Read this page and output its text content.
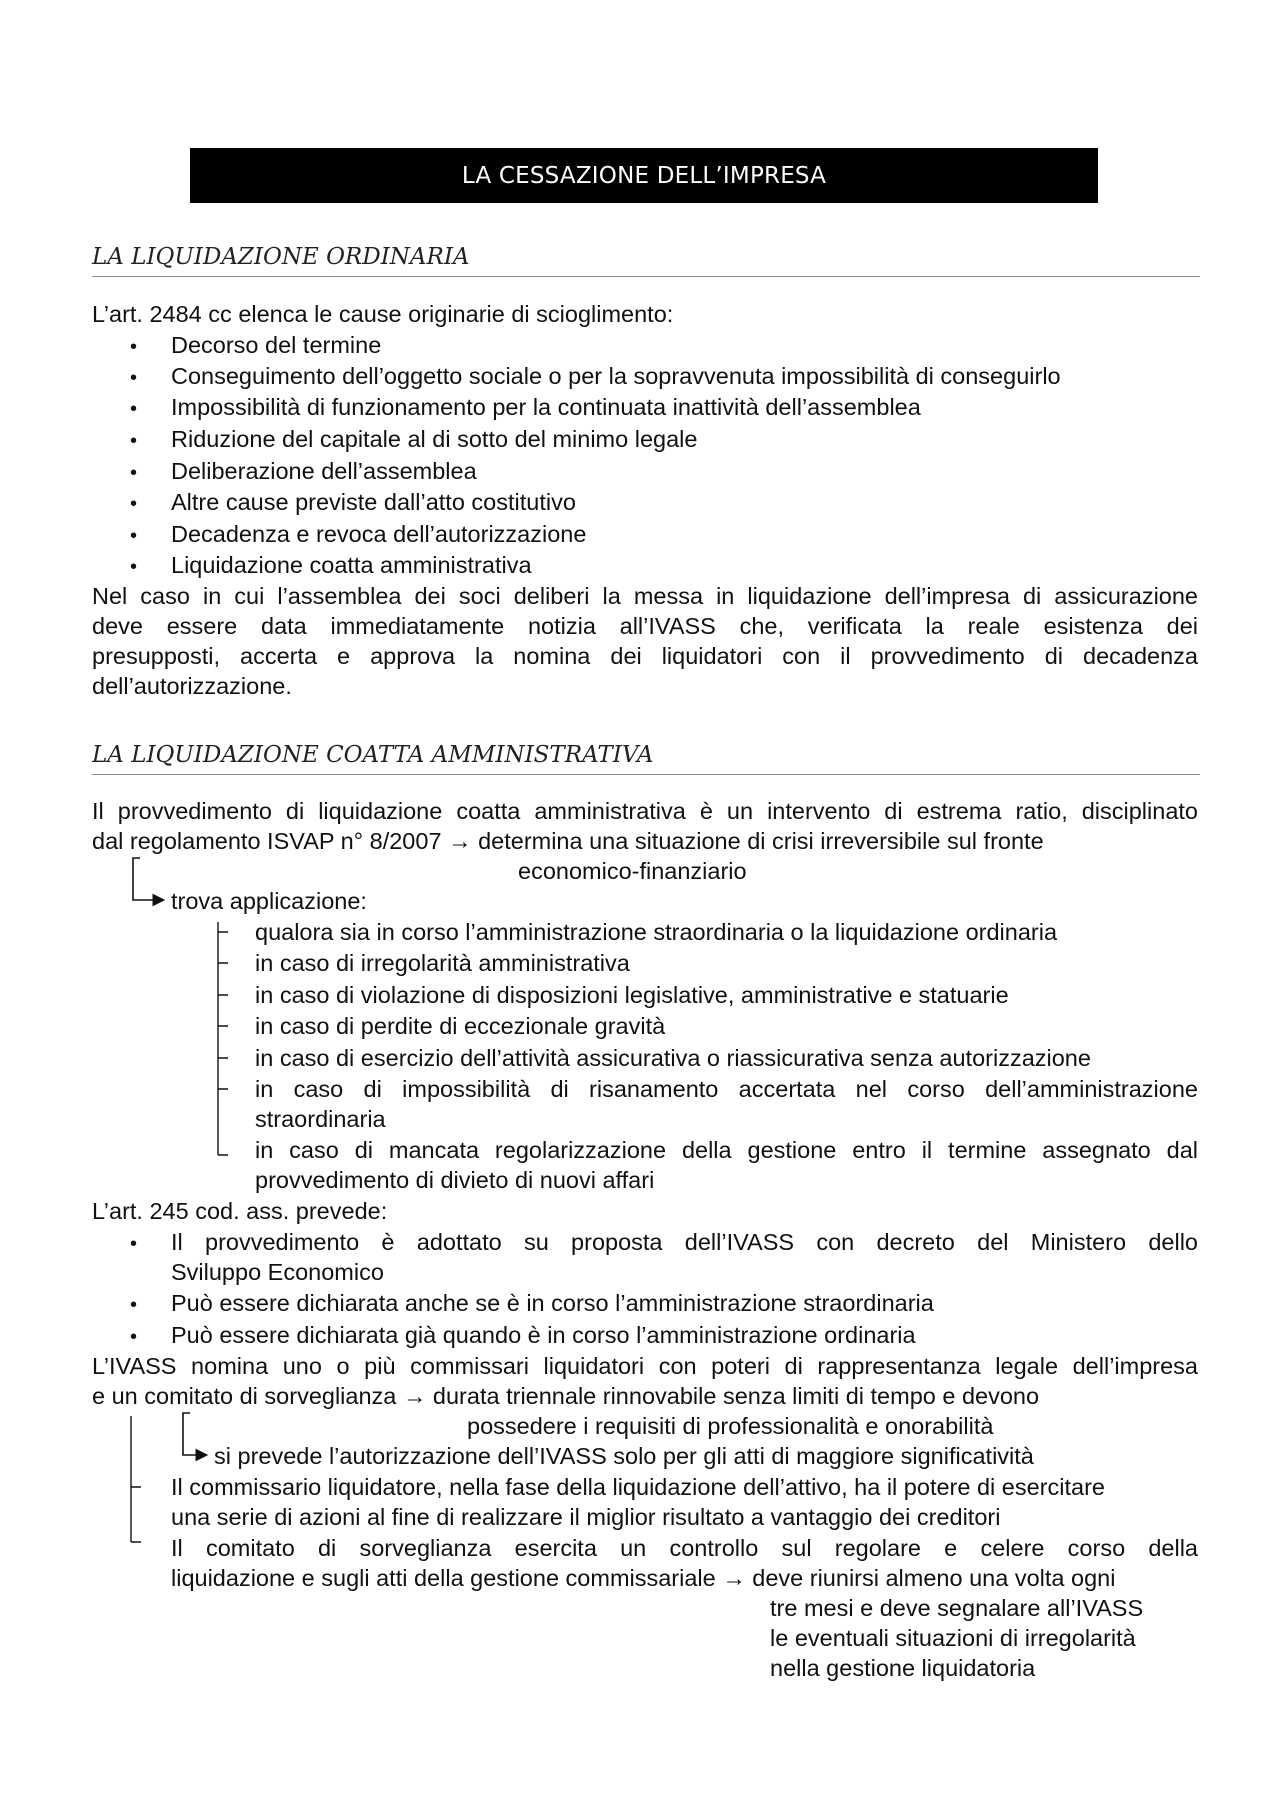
LA CESSAZIONE DELL’IMPRESA
LA LIQUIDAZIONE ORDINARIA
L’art. 2484 cc elenca le cause originarie di scioglimento:
• Decorso del termine
• Conseguimento dell’oggetto sociale o per la sopravvenuta impossibilità di conseguirlo
• Impossibilità di funzionamento per la continuata inattività dell’assemblea
• Riduzione del capitale al di sotto del minimo legale
• Deliberazione dell’assemblea
• Altre cause previste dall’atto costitutivo
• Decadenza e revoca dell’autorizzazione
• Liquidazione coatta amministrativa
Nel caso in cui l’assemblea dei soci deliberi la messa in liquidazione dell’impresa di assicurazione
deve essere data immediatamente notizia all’IVASS che, verificata la reale esistenza dei
presupposti, accerta e approva la nomina dei liquidatori con il provvedimento di decadenza
dell’autorizzazione.
LA LIQUIDAZIONE COATTA AMMINISTRATIVA
Il provvedimento di liquidazione coatta amministrativa è un intervento di estrema ratio, disciplinato
dal regolamento ISVAP n° 8/2007 → determina una situazione di crisi irreversibile sul fronte
economico-finanziario
trova applicazione:
qualora sia in corso l’amministrazione straordinaria o la liquidazione ordinaria
in caso di irregolarità amministrativa
in caso di violazione di disposizioni legislative, amministrative e statuarie
in caso di perdite di eccezionale gravità
in caso di esercizio dell’attività assicurativa o riassicurativa senza autorizzazione
in caso di impossibilità di risanamento accertata nel corso dell’amministrazione
straordinaria
in caso di mancata regolarizzazione della gestione entro il termine assegnato dal
provvedimento di divieto di nuovi affari
L’art. 245 cod. ass. prevede:
• Il provvedimento è adottato su proposta dell’IVASS con decreto del Ministero dello
Sviluppo Economico
• Può essere dichiarata anche se è in corso l’amministrazione straordinaria
• Può essere dichiarata già quando è in corso l’amministrazione ordinaria
L’IVASS nomina uno o più commissari liquidatori con poteri di rappresentanza legale dell’impresa
e un comitato di sorveglianza → durata triennale rinnovabile senza limiti di tempo e devono
possedere i requisiti di professionalità e onorabilità
si prevede l’autorizzazione dell’IVASS solo per gli atti di maggiore significatività
Il commissario liquidatore, nella fase della liquidazione dell’attivo, ha il potere di esercitare
una serie di azioni al fine di realizzare il miglior risultato a vantaggio dei creditori
Il comitato di sorveglianza esercita un controllo sul regolare e celere corso della
liquidazione e sugli atti della gestione commissariale → deve riunirsi almeno una volta ogni
tre mesi e deve segnalare all’IVASS
le eventuali situazioni di irregolarità
nella gestione liquidatoria
